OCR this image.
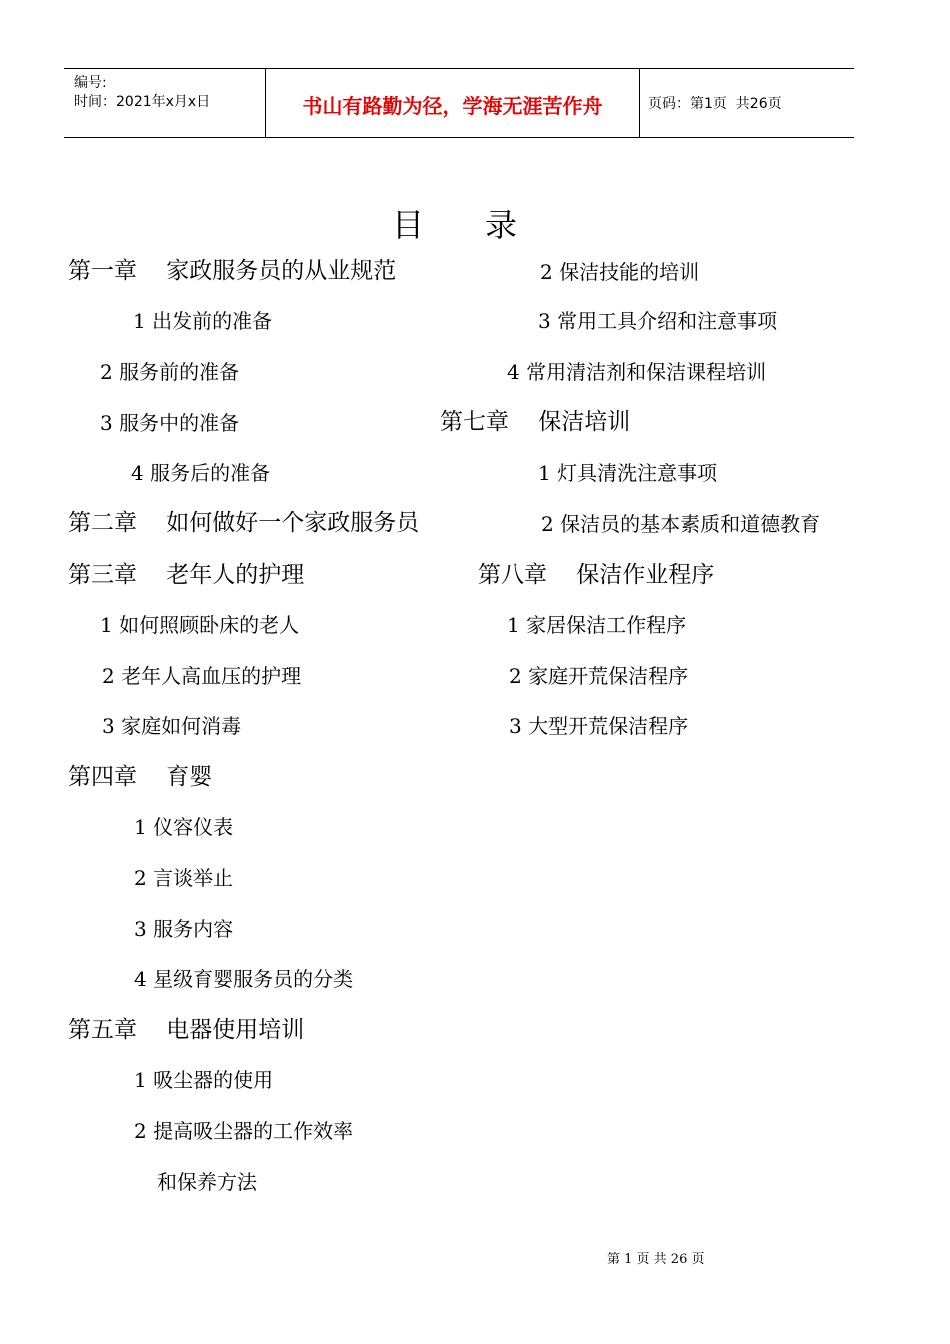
编号:
时间：2021年x月x日	书山有路勤为径，学海无涯苦作舟	页码：第1页  共26页
目      录
第一章    家政服务员的从业规范
1 出发前的准备
2 服务前的准备
3 服务中的准备
4 服务后的准备
第二章    如何做好一个家政服务员
第三章    老年人的护理
1 如何照顾卧床的老人
2 老年人高血压的护理
3 家庭如何消毒
第四章    育婴
1 仪容仪表
2 言谈举止
3 服务内容
4 星级育婴服务员的分类
第五章    电器使用培训
1 吸尘器的使用
2 提高吸尘器的工作效率
和保养方法
2 保洁技能的培训
3 常用工具介绍和注意事项
4 常用清洁剂和保洁课程培训
第七章    保洁培训
1 灯具清洗注意事项
2 保洁员的基本素质和道德教育
第八章    保洁作业程序
1 家居保洁工作程序
2 家庭开荒保洁程序
3 大型开荒保洁程序
第 1 页 共 26 页
